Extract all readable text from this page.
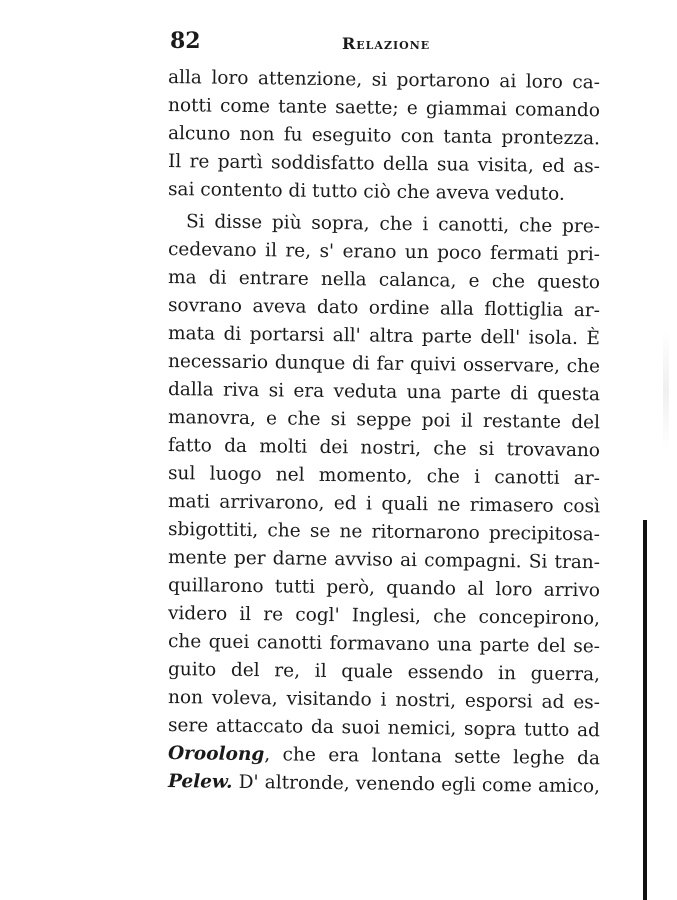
82	Relazione
alla loro attenzione, si portarono ai loro ca-
notti come tante saette; e giammai comando
alcuno non fu eseguito con tanta prontezza.
Il re partì soddisfatto della sua visita, ed as-
sai contento di tutto ciò che aveva veduto.
Si disse più sopra, che i canotti, che pre-
cedevano il re, s' erano un poco fermati pri-
ma di entrare nella calanca, e che questo
sovrano aveva dato ordine alla flottiglia ar-
mata di portarsi all' altra parte dell' isola. È
necessario dunque di far quivi osservare, che
dalla riva si era veduta una parte di questa
manovra, e che si seppe poi il restante del
fatto da molti dei nostri, che si trovavano
sul luogo nel momento, che i canotti ar-
mati arrivarono, ed i quali ne rimasero così
sbigottiti, che se ne ritornarono precipitosa-
mente per darne avviso ai compagni. Si tran-
quillarono tutti però, quando al loro arrivo
videro il re cogl' Inglesi, che concepirono,
che quei canotti formavano una parte del se-
guito del re, il quale essendo in guerra,
non voleva, visitando i nostri, esporsi ad es-
sere attaccato da suoi nemici, sopra tutto ad
Oroolong, che era lontana sette leghe da
Pelew. D' altronde, venendo egli come amico,
